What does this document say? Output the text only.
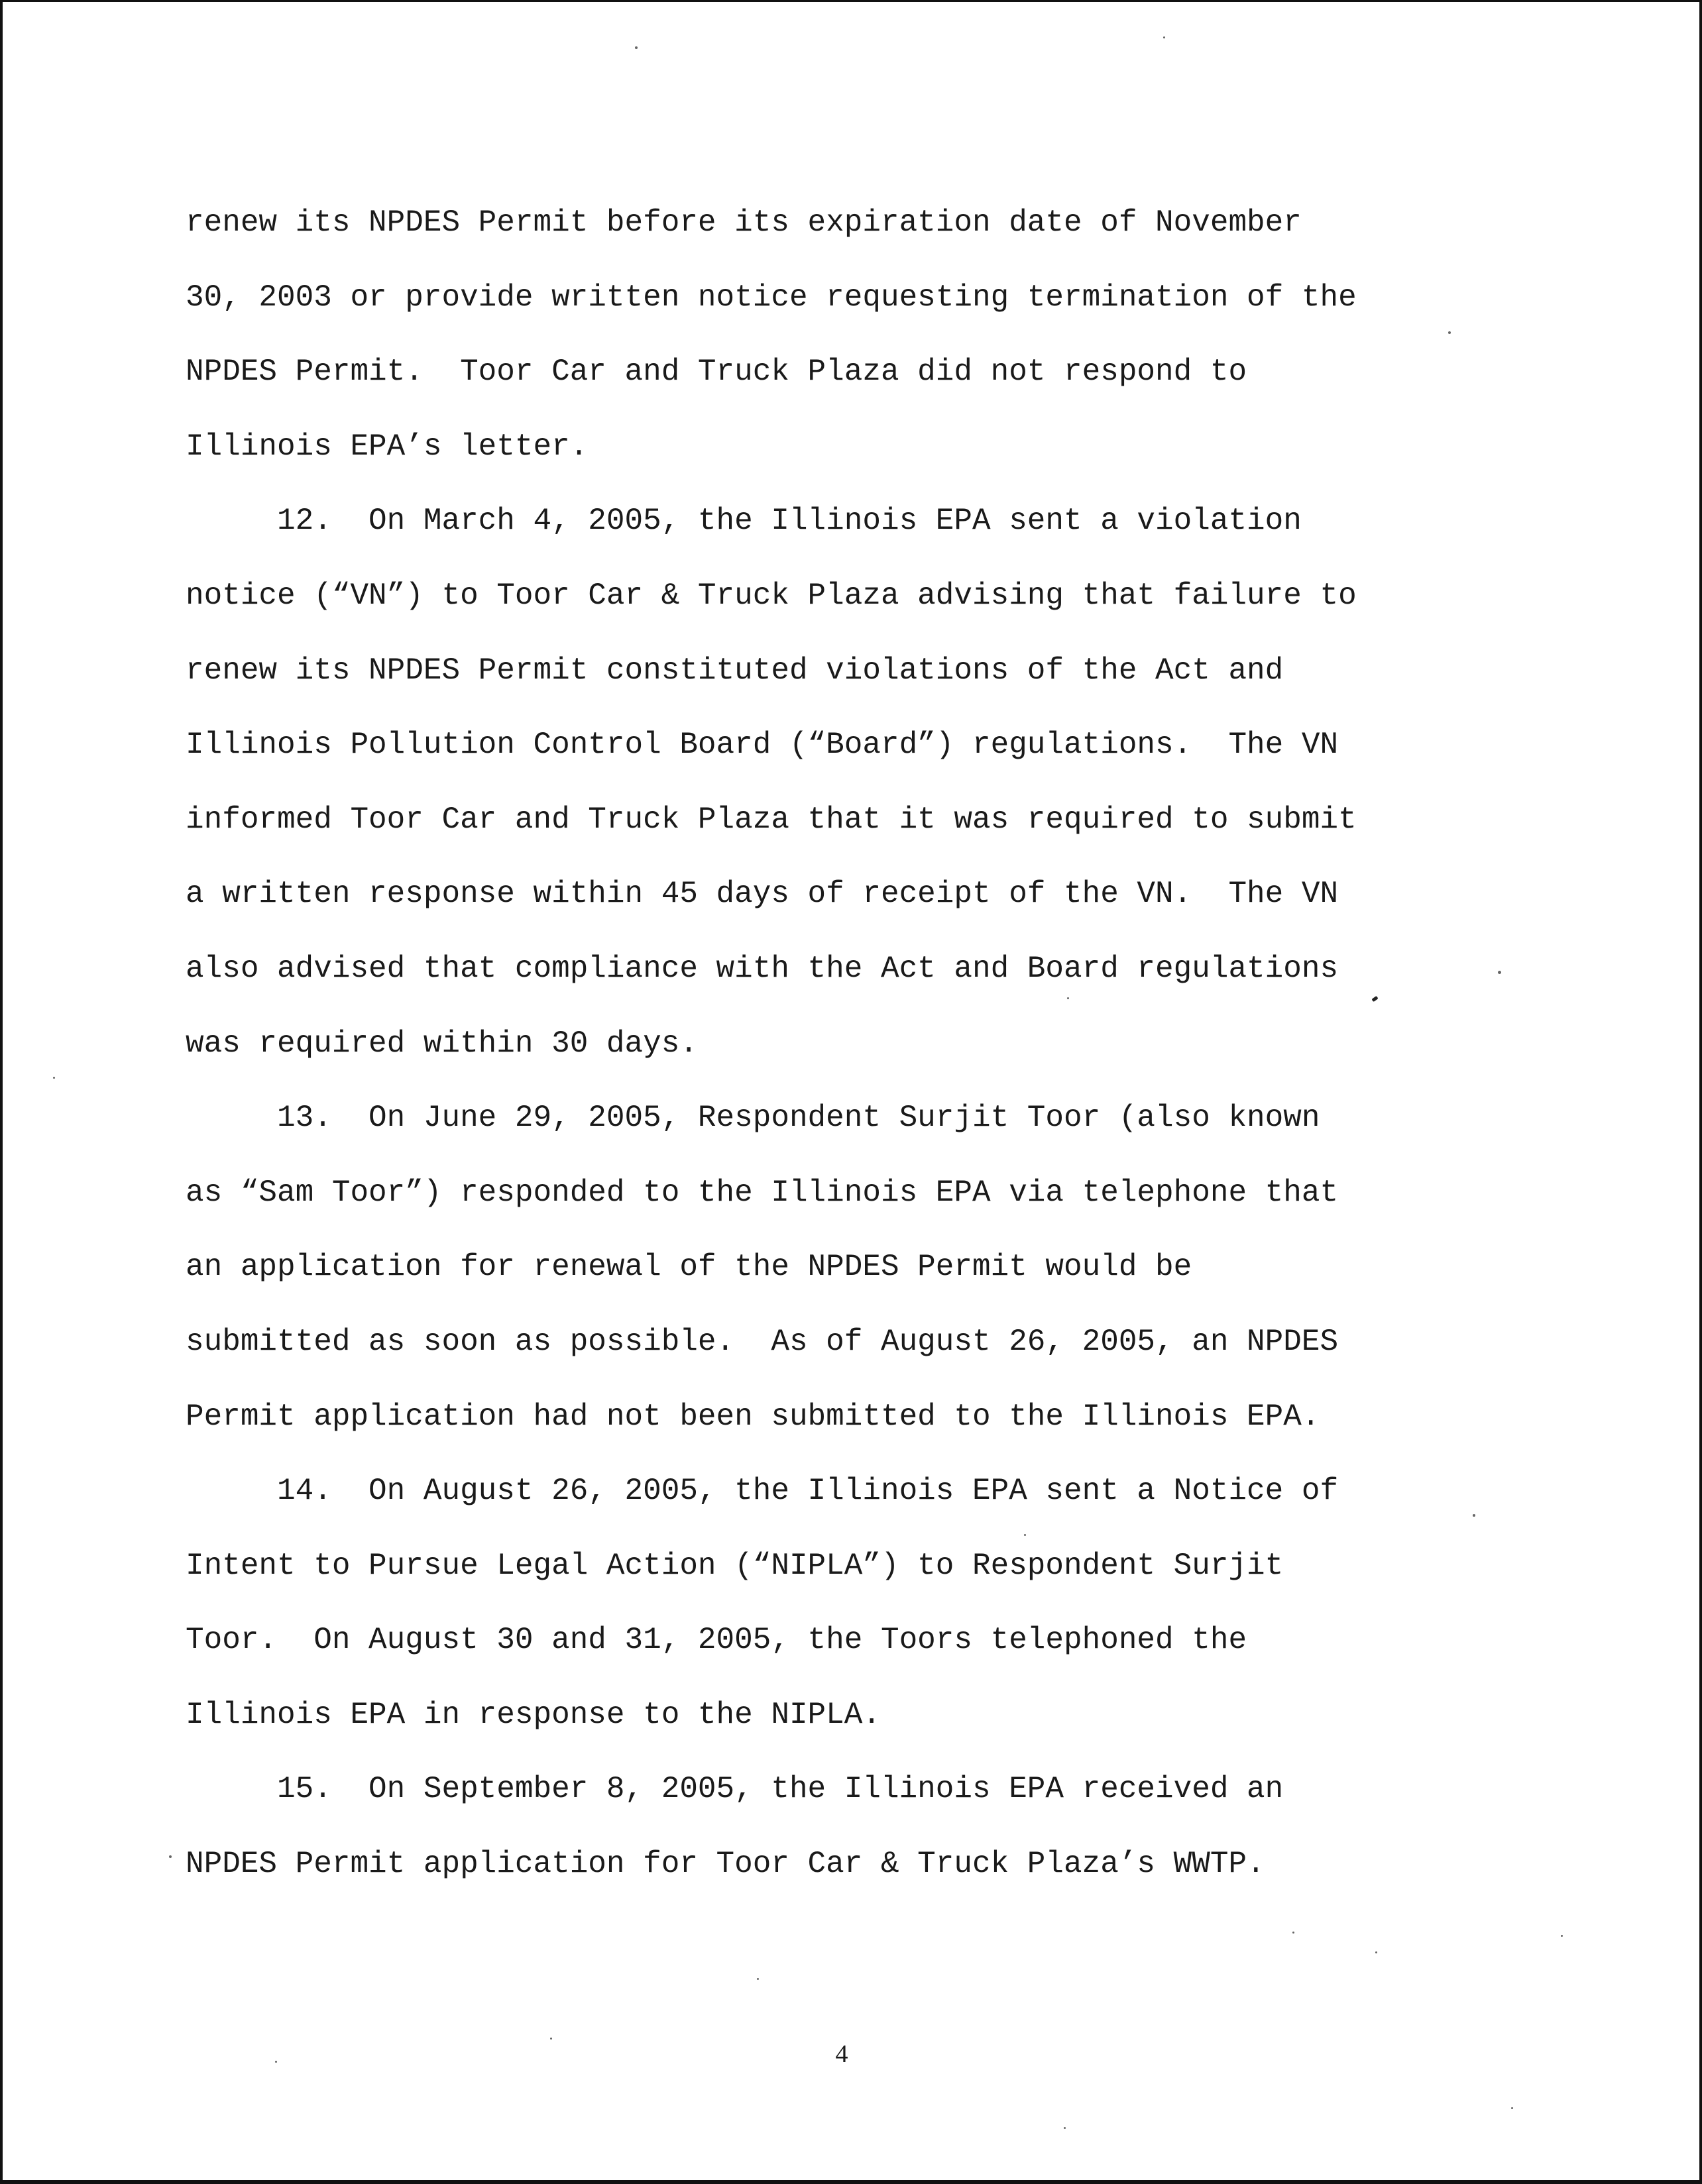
renew its NPDES Permit before its expiration date of November
30, 2003 or provide written notice requesting termination of the
NPDES Permit.  Toor Car and Truck Plaza did not respond to
Illinois EPA’s letter.
12.  On March 4, 2005, the Illinois EPA sent a violation
notice (“VN”) to Toor Car & Truck Plaza advising that failure to
renew its NPDES Permit constituted violations of the Act and
Illinois Pollution Control Board (“Board”) regulations.  The VN
informed Toor Car and Truck Plaza that it was required to submit
a written response within 45 days of receipt of the VN.  The VN
also advised that compliance with the Act and Board regulations
was required within 30 days.
13.  On June 29, 2005, Respondent Surjit Toor (also known
as “Sam Toor”) responded to the Illinois EPA via telephone that
an application for renewal of the NPDES Permit would be
submitted as soon as possible.  As of August 26, 2005, an NPDES
Permit application had not been submitted to the Illinois EPA.
14.  On August 26, 2005, the Illinois EPA sent a Notice of
Intent to Pursue Legal Action (“NIPLA”) to Respondent Surjit
Toor.  On August 30 and 31, 2005, the Toors telephoned the
Illinois EPA in response to the NIPLA.
15.  On September 8, 2005, the Illinois EPA received an
NPDES Permit application for Toor Car & Truck Plaza’s WWTP.
4
